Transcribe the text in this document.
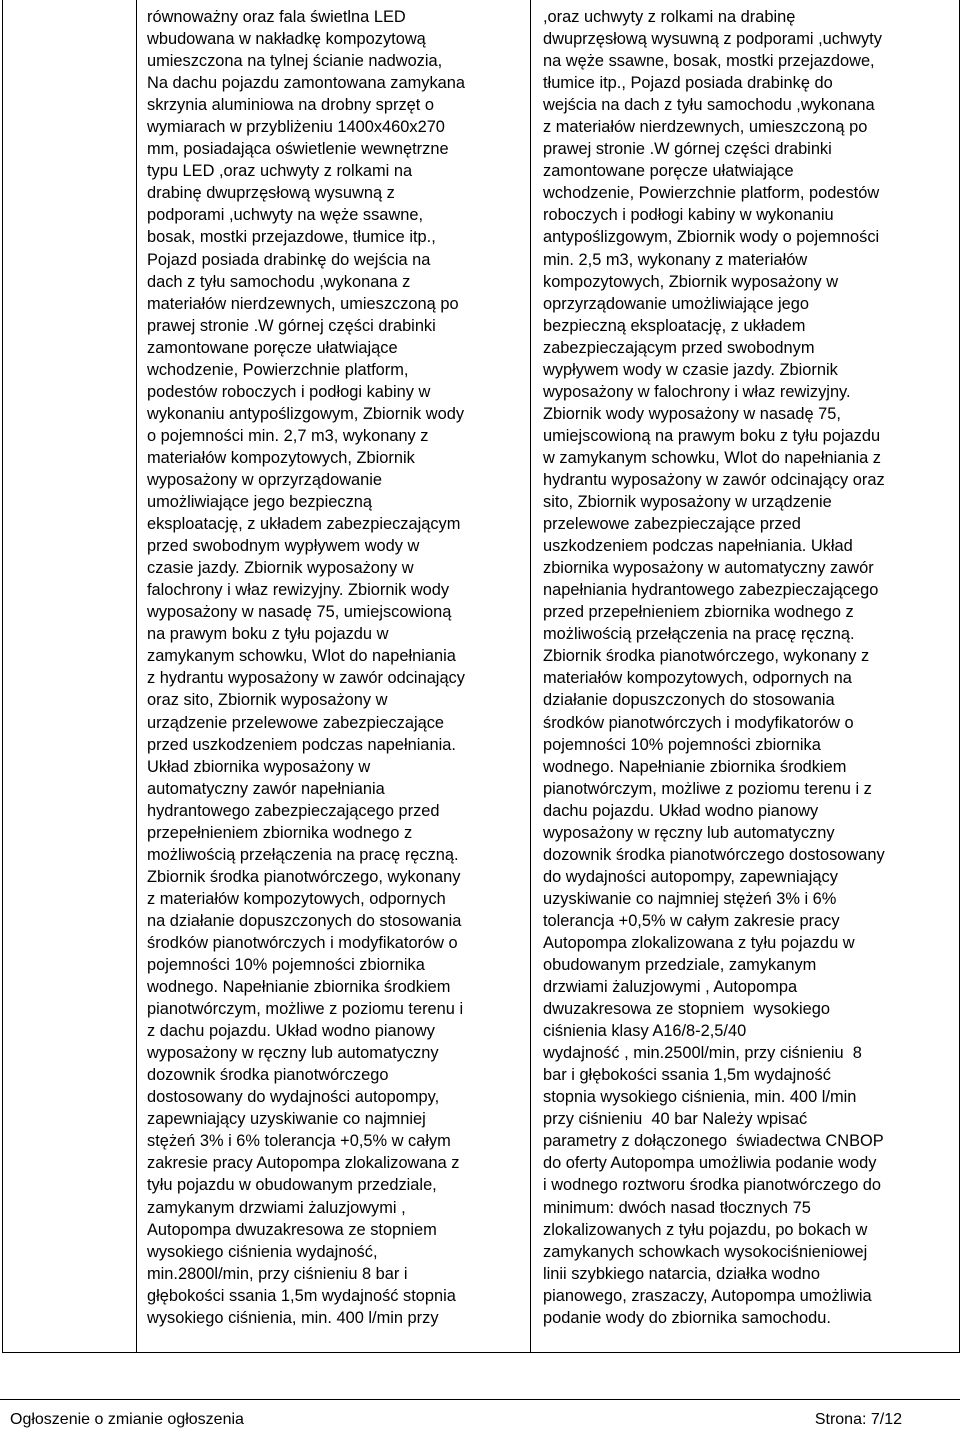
równoważny oraz fala świetlna LED
wbudowana w nakładkę kompozytową
umieszczona na tylnej ścianie nadwozia,
Na dachu pojazdu zamontowana zamykana
skrzynia aluminiowa na drobny sprzęt o
wymiarach w przybliżeniu 1400x460x270
mm, posiadająca oświetlenie wewnętrzne
typu LED ,oraz uchwyty z rolkami na
drabinę dwuprzęsłową wysuwną z
podporami ,uchwyty na węże ssawne,
bosak, mostki przejazdowe, tłumice itp.,
Pojazd posiada drabinkę do wejścia na
dach z tyłu samochodu ,wykonana z
materiałów nierdzewnych, umieszczoną po
prawej stronie .W górnej części drabinki
zamontowane poręcze ułatwiające
wchodzenie, Powierzchnie platform,
podestów roboczych i podłogi kabiny w
wykonaniu antypoślizgowym, Zbiornik wody
o pojemności min. 2,7 m3, wykonany z
materiałów kompozytowych, Zbiornik
wyposażony w oprzyrządowanie
umożliwiające jego bezpieczną
eksploatację, z układem zabezpieczającym
przed swobodnym wypływem wody w
czasie jazdy. Zbiornik wyposażony w
falochrony i właz rewizyjny. Zbiornik wody
wyposażony w nasadę 75, umiejscowioną
na prawym boku z tyłu pojazdu w
zamykanym schowku, Wlot do napełniania
z hydrantu wyposażony w zawór odcinający
oraz sito, Zbiornik wyposażony w
urządzenie przelewowe zabezpieczające
przed uszkodzeniem podczas napełniania.
Układ zbiornika wyposażony w
automatyczny zawór napełniania
hydrantowego zabezpieczającego przed
przepełnieniem zbiornika wodnego z
możliwością przełączenia na pracę ręczną.
Zbiornik środka pianotwórczego, wykonany
z materiałów kompozytowych, odpornych
na działanie dopuszczonych do stosowania
środków pianotwórczych i modyfikatorów o
pojemności 10% pojemności zbiornika
wodnego. Napełnianie zbiornika środkiem
pianotwórczym, możliwe z poziomu terenu i
z dachu pojazdu. Układ wodno pianowy
wyposażony w ręczny lub automatyczny
dozownik środka pianotwórczego
dostosowany do wydajności autopompy,
zapewniający uzyskiwanie co najmniej
stężeń 3% i 6% tolerancja +0,5% w całym
zakresie pracy Autopompa zlokalizowana z
tyłu pojazdu w obudowanym przedziale,
zamykanym drzwiami żaluzjowymi ,
Autopompa dwuzakresowa ze stopniem
wysokiego ciśnienia wydajność,
min.2800l/min, przy ciśnieniu 8 bar i
głębokości ssania 1,5m wydajność stopnia
wysokiego ciśnienia, min. 400 l/min przy
,oraz uchwyty z rolkami na drabinę
dwuprzęsłową wysuwną z podporami ,uchwyty
na węże ssawne, bosak, mostki przejazdowe,
tłumice itp., Pojazd posiada drabinkę do
wejścia na dach z tyłu samochodu ,wykonana
z materiałów nierdzewnych, umieszczoną po
prawej stronie .W górnej części drabinki
zamontowane poręcze ułatwiające
wchodzenie, Powierzchnie platform, podestów
roboczych i podłogi kabiny w wykonaniu
antypoślizgowym, Zbiornik wody o pojemności
min. 2,5 m3, wykonany z materiałów
kompozytowych, Zbiornik wyposażony w
oprzyrządowanie umożliwiające jego
bezpieczną eksploatację, z układem
zabezpieczającym przed swobodnym
wypływem wody w czasie jazdy. Zbiornik
wyposażony w falochrony i właz rewizyjny.
Zbiornik wody wyposażony w nasadę 75,
umiejscowioną na prawym boku z tyłu pojazdu
w zamykanym schowku, Wlot do napełniania z
hydrantu wyposażony w zawór odcinający oraz
sito, Zbiornik wyposażony w urządzenie
przelewowe zabezpieczające przed
uszkodzeniem podczas napełniania. Układ
zbiornika wyposażony w automatyczny zawór
napełniania hydrantowego zabezpieczającego
przed przepełnieniem zbiornika wodnego z
możliwością przełączenia na pracę ręczną.
Zbiornik środka pianotwórczego, wykonany z
materiałów kompozytowych, odpornych na
działanie dopuszczonych do stosowania
środków pianotwórczych i modyfikatorów o
pojemności 10% pojemności zbiornika
wodnego. Napełnianie zbiornika środkiem
pianotwórczym, możliwe z poziomu terenu i z
dachu pojazdu. Układ wodno pianowy
wyposażony w ręczny lub automatyczny
dozownik środka pianotwórczego dostosowany
do wydajności autopompy, zapewniający
uzyskiwanie co najmniej stężeń 3% i 6%
tolerancja +0,5% w całym zakresie pracy
Autopompa zlokalizowana z tyłu pojazdu w
obudowanym przedziale, zamykanym
drzwiami żaluzjowymi , Autopompa
dwuzakresowa ze stopniem  wysokiego
ciśnienia klasy A16/8-2,5/40
wydajność , min.2500l/min, przy ciśnieniu  8
bar i głębokości ssania 1,5m wydajność
stopnia wysokiego ciśnienia, min. 400 l/min
przy ciśnieniu  40 bar Należy wpisać
parametry z dołączonego  świadectwa CNBOP
do oferty Autopompa umożliwia podanie wody
i wodnego roztworu środka pianotwórczego do
minimum: dwóch nasad tłocznych 75
zlokalizowanych z tyłu pojazdu, po bokach w
zamykanych schowkach wysokociśnieniowej
linii szybkiego natarcia, działka wodno
pianowego, zraszaczy, Autopompa umożliwia
podanie wody do zbiornika samochodu.
Ogłoszenie o zmianie ogłoszenia	Strona: 7/12
